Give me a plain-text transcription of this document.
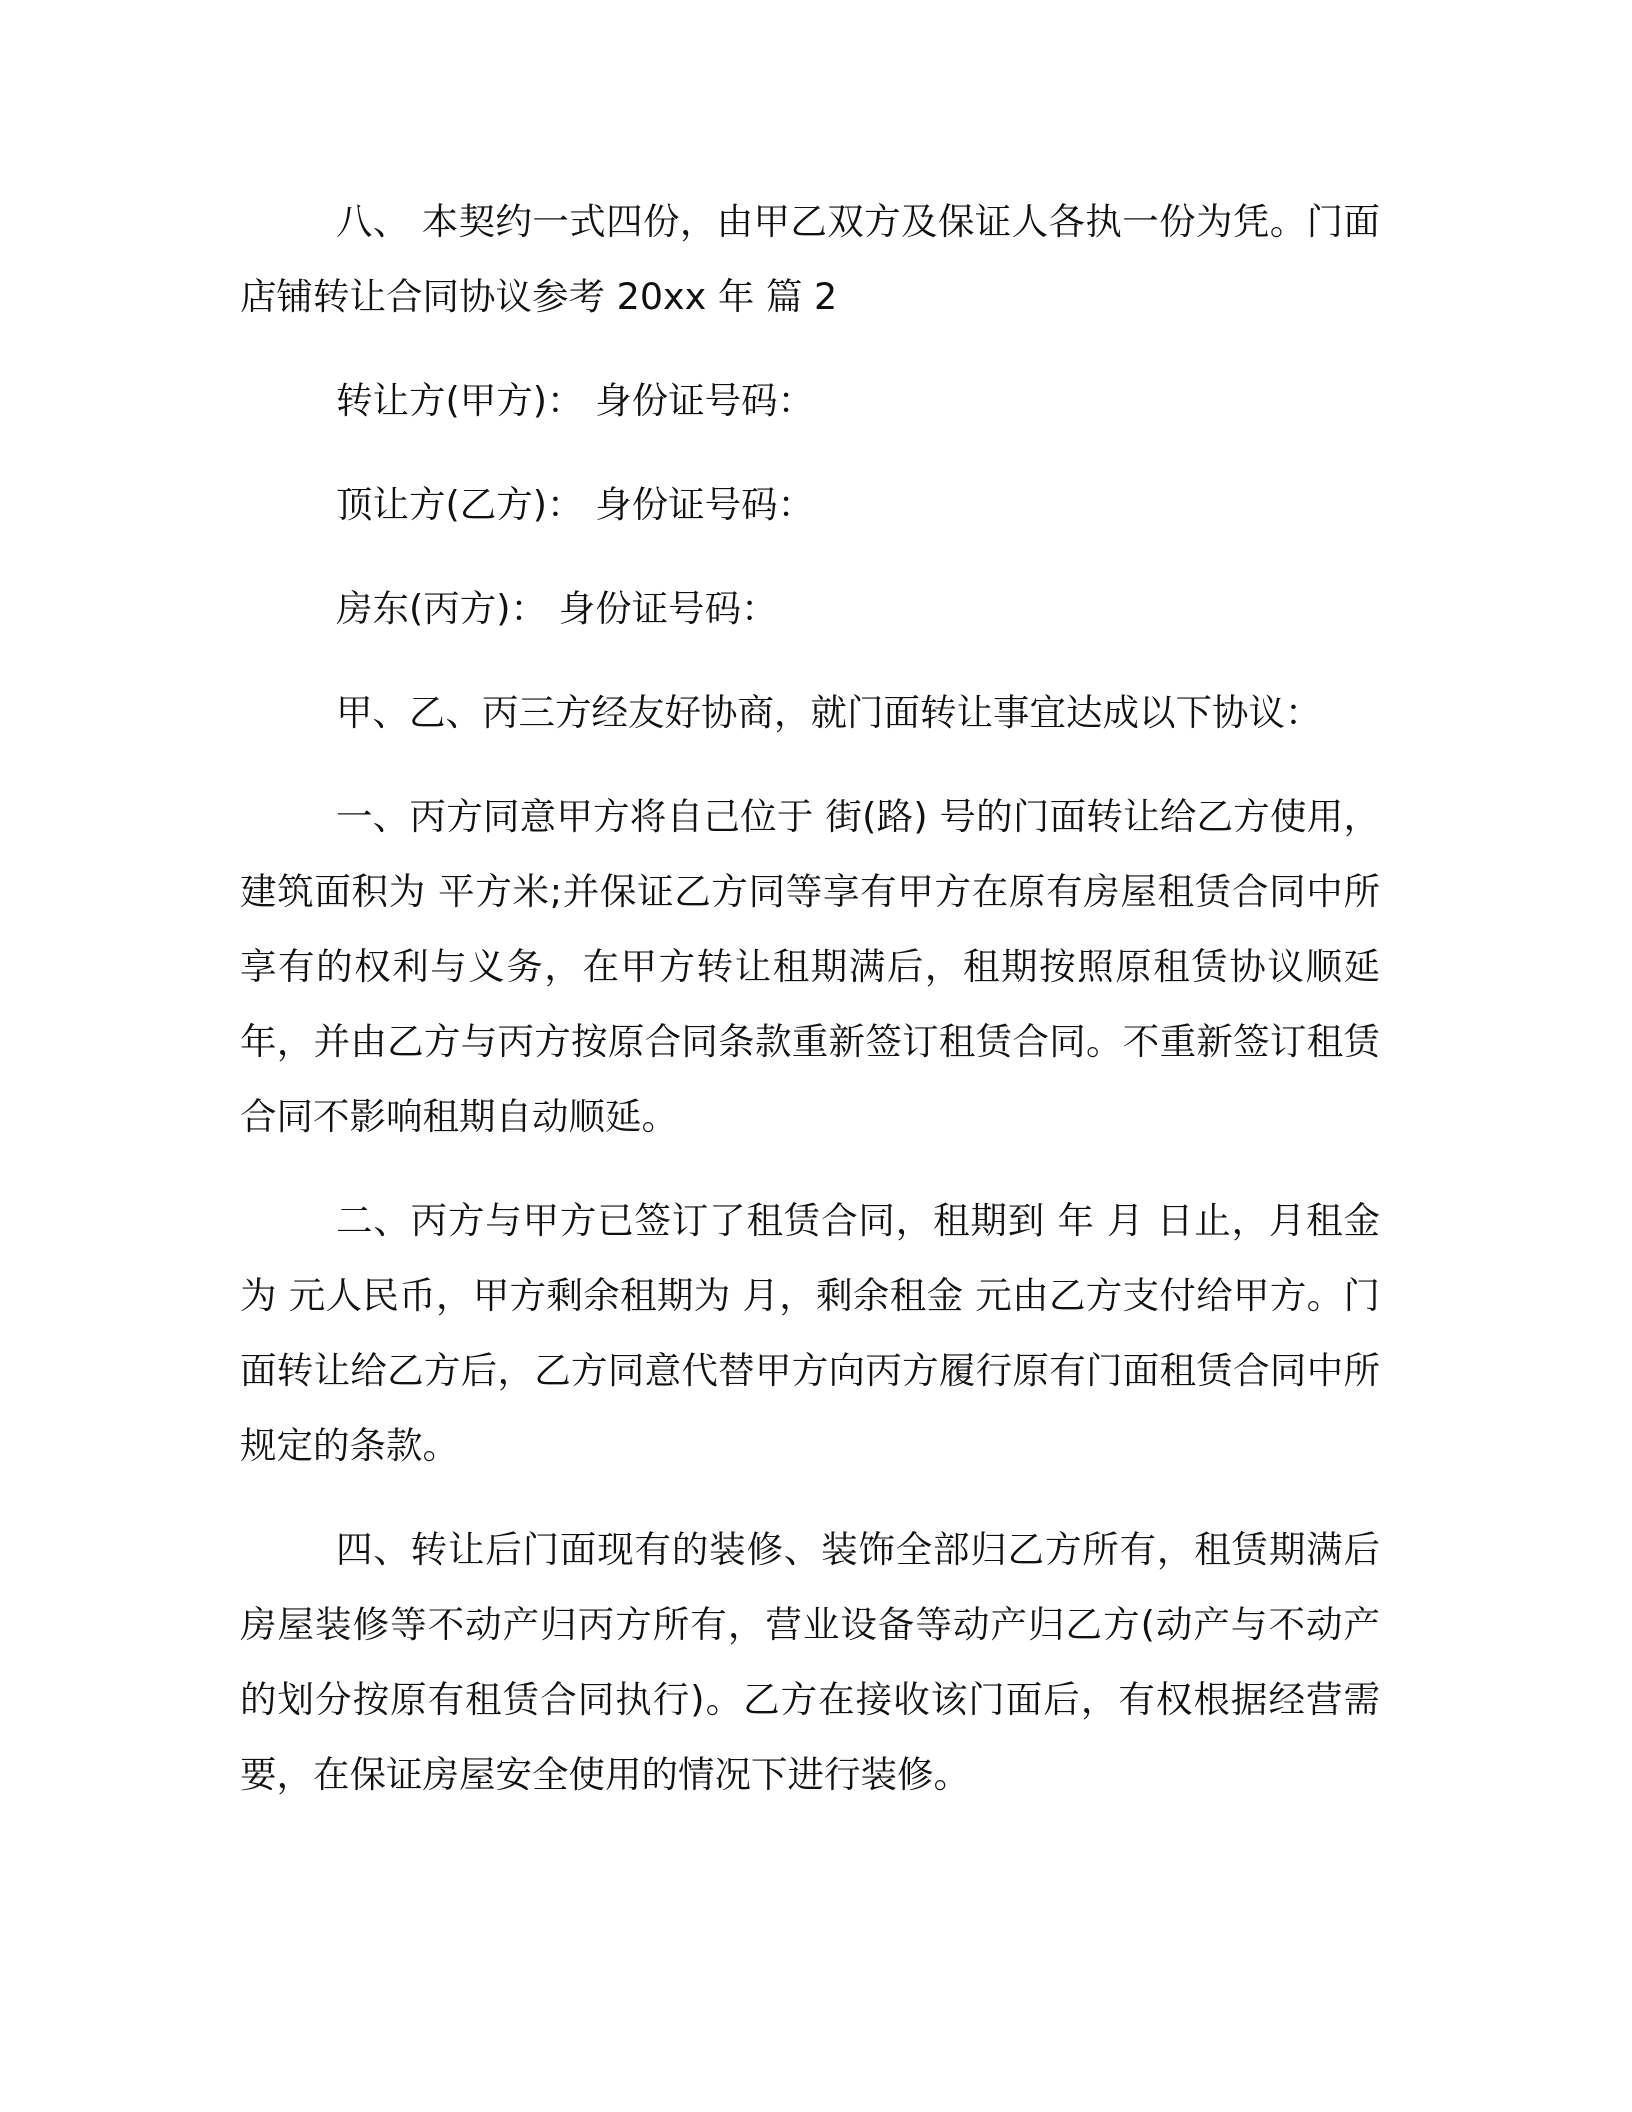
八、 本契约一式四份，由甲乙双方及保证人各执一份为凭。门面店铺转让合同协议参考 20xx 年 篇 2

转让方(甲方)： 身份证号码：

顶让方(乙方)： 身份证号码：

房东(丙方)： 身份证号码：

甲、乙、丙三方经友好协商，就门面转让事宜达成以下协议：

一、丙方同意甲方将自己位于 街(路) 号的门面转让给乙方使用，建筑面积为 平方米;并保证乙方同等享有甲方在原有房屋租赁合同中所享有的权利与义务，在甲方转让租期满后，租期按照原租赁协议顺延 年，并由乙方与丙方按原合同条款重新签订租赁合同。不重新签订租赁合同不影响租期自动顺延。

二、丙方与甲方已签订了租赁合同，租期到 年 月 日止，月租金为 元人民币，甲方剩余租期为 月，剩余租金 元由乙方支付给甲方。门面转让给乙方后，乙方同意代替甲方向丙方履行原有门面租赁合同中所规定的条款。

四、转让后门面现有的装修、装饰全部归乙方所有，租赁期满后房屋装修等不动产归丙方所有，营业设备等动产归乙方(动产与不动产的划分按原有租赁合同执行)。乙方在接收该门面后，有权根据经营需要，在保证房屋安全使用的情况下进行装修。
